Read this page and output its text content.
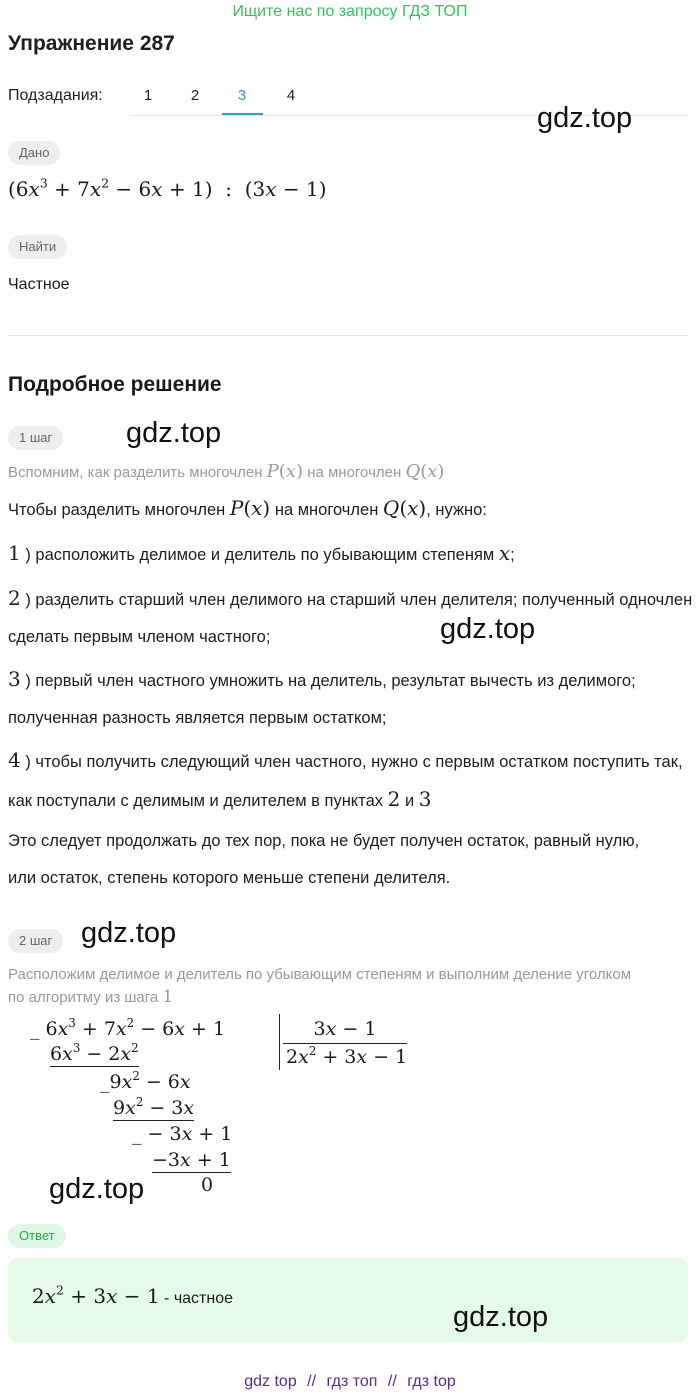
Ищите нас по запросу ГДЗ ТОП
Упражнение 287
Подзадания:	1	2	3	4
gdz.top
Дано
$(6x^3 + 7x^2 - 6x + 1)$  :  (3x − 1)
Найти
Частное
Подробное решение
1 шаг	gdz.top
Вспомним, как разделить многочлен P(x) на многочлен Q(x)
Чтобы разделить многочлен P(x) на многочлен Q(x), нужно:
1 ) расположить делимое и делитель по убывающим степеням x;
2 ) разделить старший член делимого на старший член делителя; полученный одночлен сделать первым членом частного;	gdz.top
3 ) первый член частного умножить на делитель, результат вычесть из делимого; полученная разность является первым остатком;
4 ) чтобы получить следующий член частного, нужно с первым остатком поступить так, как поступали с делимым и делителем в пунктах 2 и 3
Это следует продолжать до тех пор, пока не будет получен остаток, равный нулю, или остаток, степень которого меньше степени делителя.
2 шаг gdz.top
Расположим делимое и делитель по убывающим степеням и выполним деление уголком по алгоритму из шага 1
_ $6x^3 + 7x^2 - 6x + 1$	3x − 1
$2x^2 + 3x - 1$
$6x^3 - 2x^2$
$\_9x^2 - 6x$
$9x^2 - 3x$
_ − 3x + 1
−3x + 1
0
gdz.top
Ответ
$2x^2 + 3x - 1$ - частное
gdz.top
gdz top // гдз топ // гдз top
